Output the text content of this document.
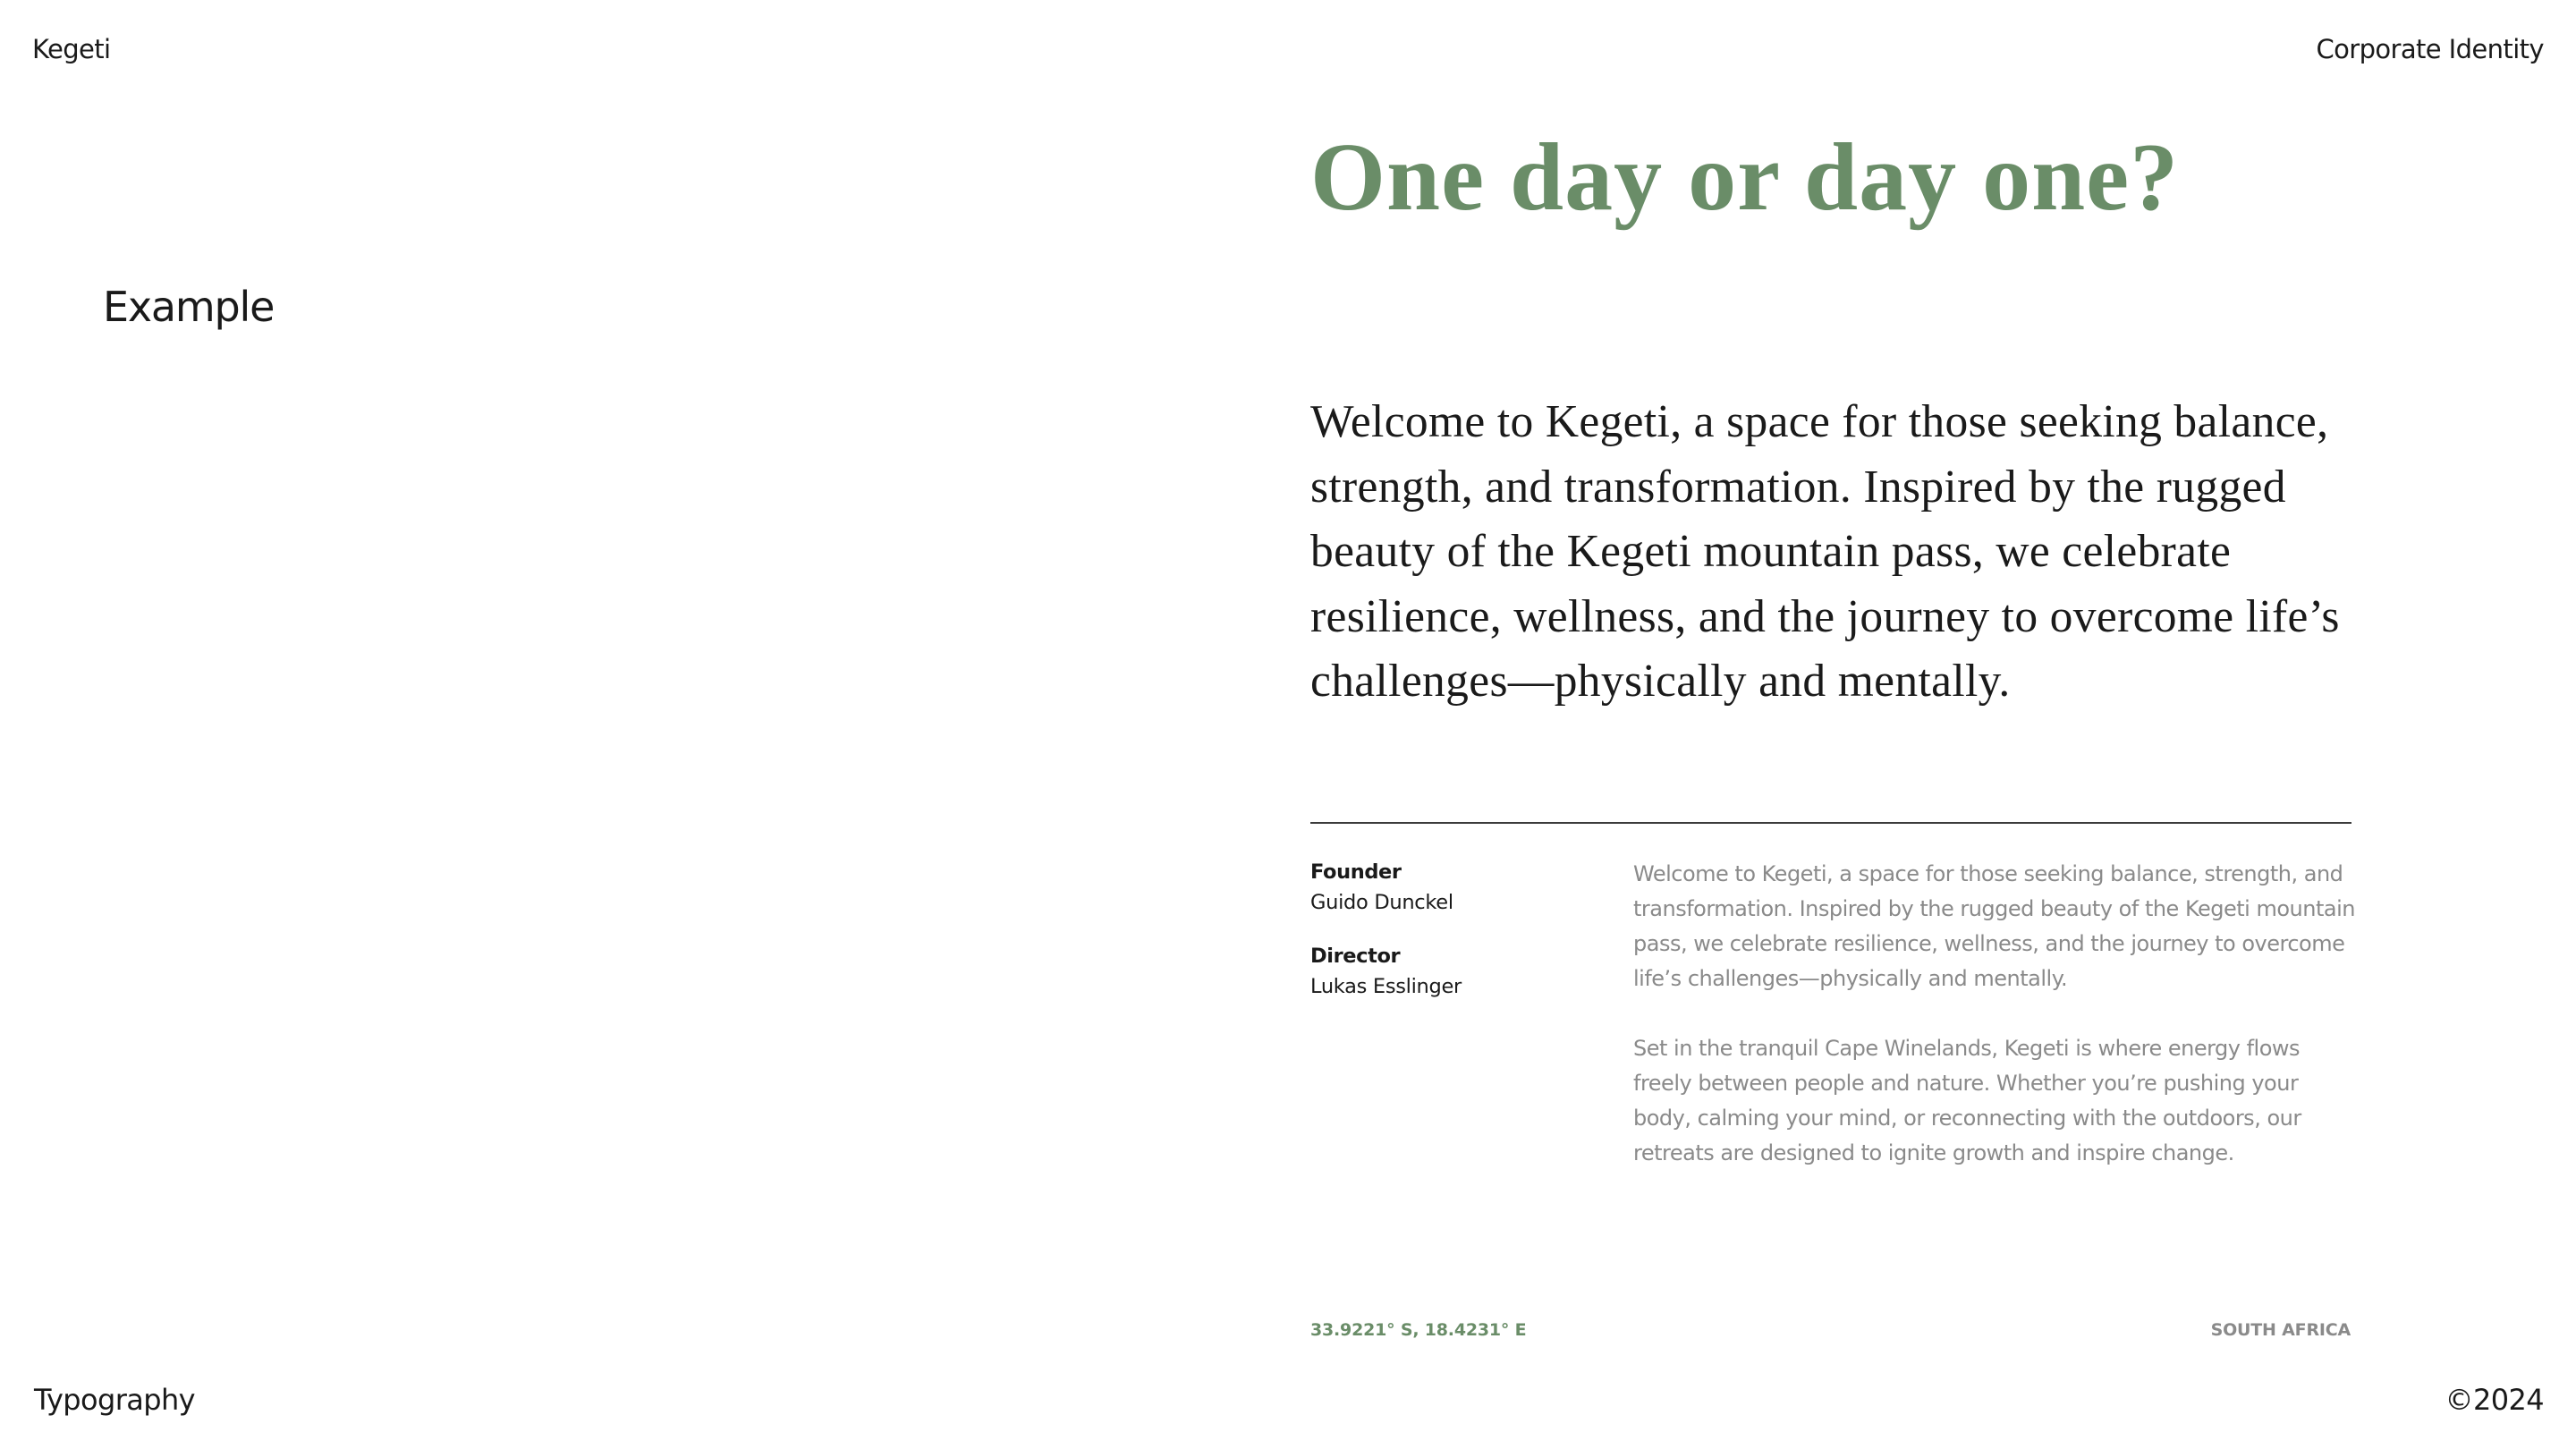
Kegeti	Corporate Identity
Example
One day or day one?

Welcome to Kegeti, a space for those seeking balance, strength, and transformation. Inspired by the rugged beauty of the Kegeti mountain pass, we celebrate resilience, wellness, and the journey to overcome life’s challenges—physically and mentally.

Founder
Guido Dunckel
Director
Lukas Esslinger

Welcome to Kegeti, a space for those seeking balance, strength, and transformation. Inspired by the rugged beauty of the Kegeti mountain pass, we celebrate resilience, wellness, and the journey to overcome life’s challenges—physically and mentally.

Set in the tranquil Cape Winelands, Kegeti is where energy flows freely between people and nature. Whether you’re pushing your body, calming your mind, or reconnecting with the outdoors, our retreats are designed to ignite growth and inspire change.

33.9221° S, 18.4231° E	SOUTH AFRICA
Typography	©2024
